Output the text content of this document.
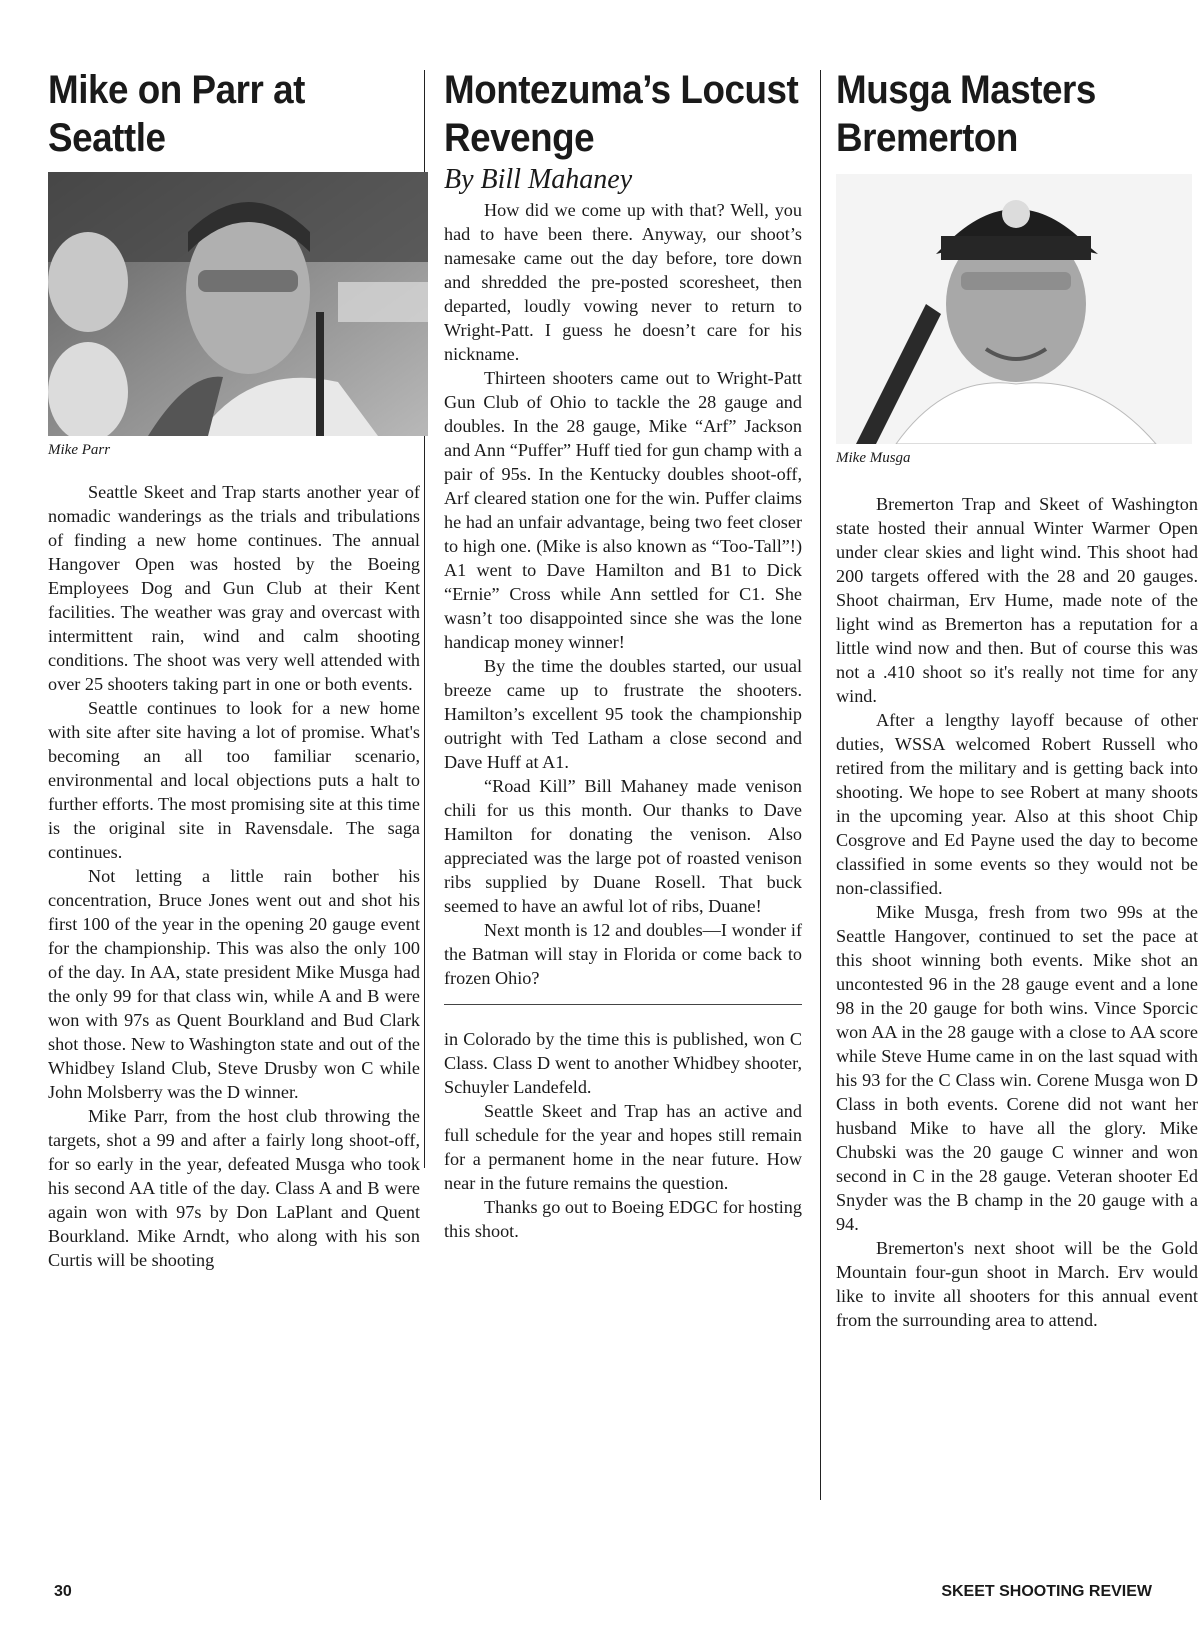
Mike on Parr at
Seattle
Mike Parr

Seattle Skeet and Trap starts another year of nomadic wanderings as the trials and tribulations of finding a new home continues. The annual Hangover Open was hosted by the Boeing Employees Dog and Gun Club at their Kent facilities. The weather was gray and overcast with intermittent rain, wind and calm shooting conditions. The shoot was very well attended with over 25 shooters taking part in one or both events.

Seattle continues to look for a new home with site after site having a lot of promise. What's becoming an all too familiar scenario, environmental and local objections puts a halt to further efforts. The most promising site at this time is the original site in Ravensdale. The saga continues.

Not letting a little rain bother his concentration, Bruce Jones went out and shot his first 100 of the year in the opening 20 gauge event for the championship. This was also the only 100 of the day. In AA, state president Mike Musga had the only 99 for that class win, while A and B were won with 97s as Quent Bourkland and Bud Clark shot those. New to Washington state and out of the Whidbey Island Club, Steve Drusby won C while John Molsberry was the D winner.

Mike Parr, from the host club throwing the targets, shot a 99 and after a fairly long shoot-off, for so early in the year, defeated Musga who took his second AA title of the day. Class A and B were again won with 97s by Don LaPlant and Quent Bourkland. Mike Arndt, who along with his son Curtis will be shooting

Montezuma’s Locust
Revenge
By Bill Mahaney

How did we come up with that? Well, you had to have been there. Anyway, our shoot’s namesake came out the day before, tore down and shredded the pre-posted scoresheet, then departed, loudly vowing never to return to Wright-Patt. I guess he doesn’t care for his nickname.

Thirteen shooters came out to Wright-Patt Gun Club of Ohio to tackle the 28 gauge and doubles. In the 28 gauge, Mike “Arf” Jackson and Ann “Puffer” Huff tied for gun champ with a pair of 95s. In the Kentucky doubles shoot-off, Arf cleared station one for the win. Puffer claims he had an unfair advantage, being two feet closer to high one. (Mike is also known as “Too-Tall”!) A1 went to Dave Hamilton and B1 to Dick “Ernie” Cross while Ann settled for C1. She wasn’t too disappointed since she was the lone handicap money winner!

By the time the doubles started, our usual breeze came up to frustrate the shooters. Hamilton’s excellent 95 took the championship outright with Ted Latham a close second and Dave Huff at A1.

“Road Kill” Bill Mahaney made venison chili for us this month. Our thanks to Dave Hamilton for donating the venison. Also appreciated was the large pot of roasted venison ribs supplied by Duane Rosell. That buck seemed to have an awful lot of ribs, Duane!

Next month is 12 and doubles—I wonder if the Batman will stay in Florida or come back to frozen Ohio?

in Colorado by the time this is published, won C Class. Class D went to another Whidbey shooter, Schuyler Landefeld.

Seattle Skeet and Trap has an active and full schedule for the year and hopes still remain for a permanent home in the near future. How near in the future remains the question.

Thanks go out to Boeing EDGC for hosting this shoot.

Musga Masters
Bremerton
Mike Musga

Bremerton Trap and Skeet of Washington state hosted their annual Winter Warmer Open under clear skies and light wind. This shoot had 200 targets offered with the 28 and 20 gauges. Shoot chairman, Erv Hume, made note of the light wind as Bremerton has a reputation for a little wind now and then. But of course this was not a .410 shoot so it's really not time for any wind.

After a lengthy layoff because of other duties, WSSA welcomed Robert Russell who retired from the military and is getting back into shooting. We hope to see Robert at many shoots in the upcoming year. Also at this shoot Chip Cosgrove and Ed Payne used the day to become classified in some events so they would not be non-classified.

Mike Musga, fresh from two 99s at the Seattle Hangover, continued to set the pace at this shoot winning both events. Mike shot an uncontested 96 in the 28 gauge event and a lone 98 in the 20 gauge for both wins. Vince Sporcic won AA in the 28 gauge with a close to AA score while Steve Hume came in on the last squad with his 93 for the C Class win. Corene Musga won D Class in both events. Corene did not want her husband Mike to have all the glory. Mike Chubski was the 20 gauge C winner and won second in C in the 28 gauge. Veteran shooter Ed Snyder was the B champ in the 20 gauge with a 94.

Bremerton's next shoot will be the Gold Mountain four-gun shoot in March. Erv would like to invite all shooters for this annual event from the surrounding area to attend.

30	SKEET SHOOTING REVIEW
